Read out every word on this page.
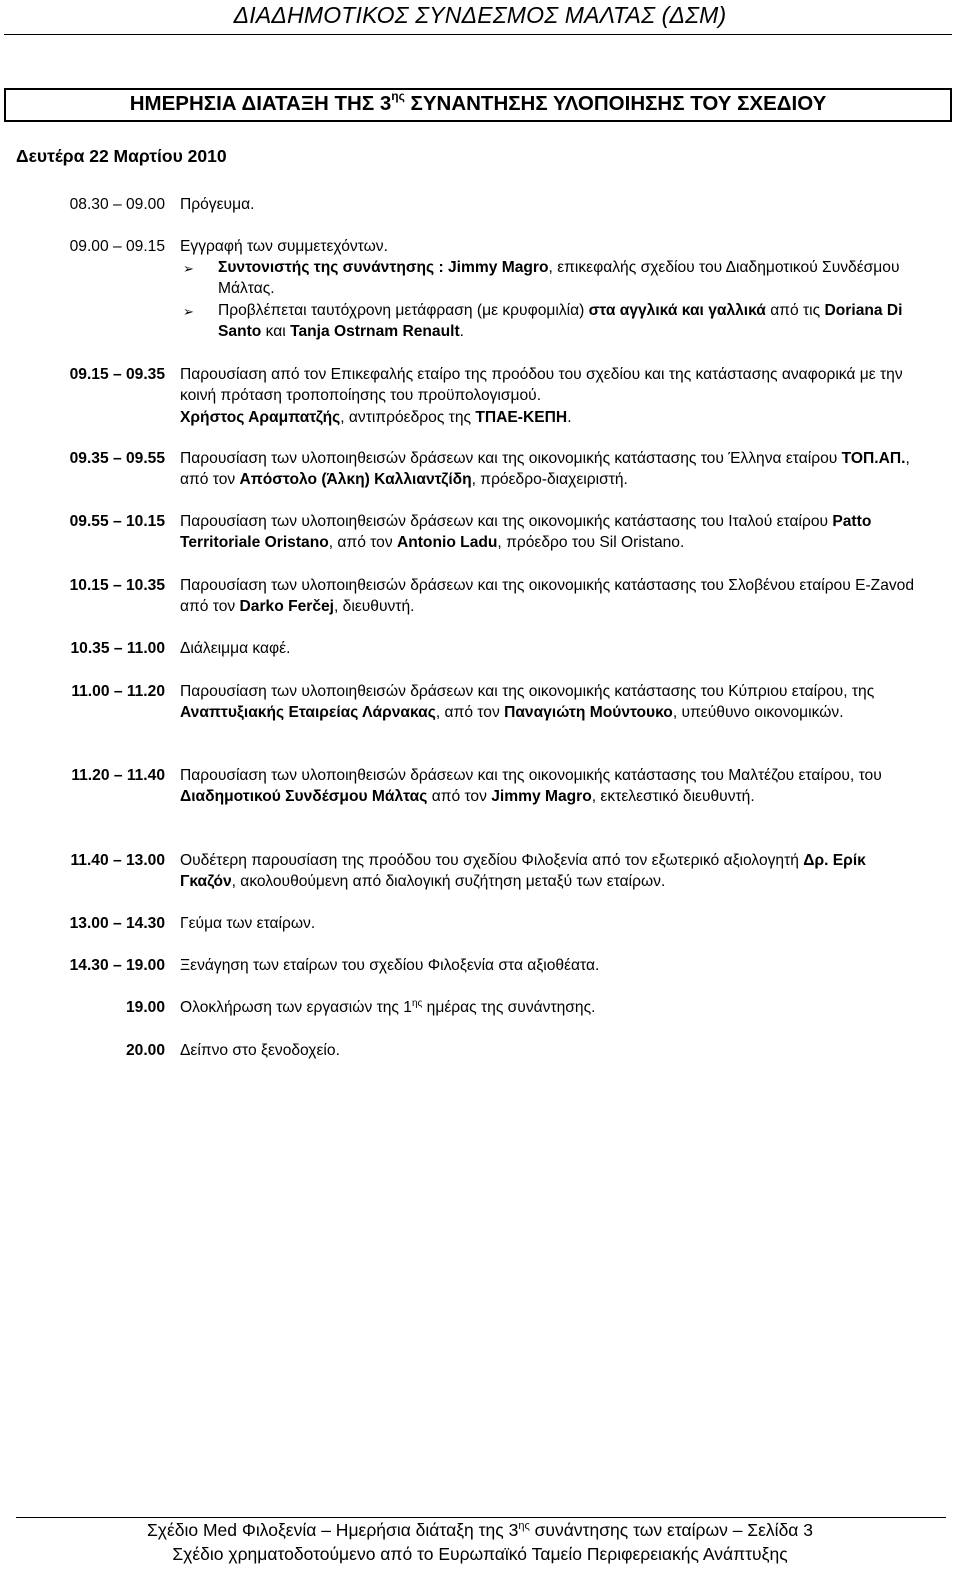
ΔΙΑΔΗΜΟΤΙΚΟΣ ΣΥΝΔΕΣΜΟΣ ΜΑΛΤΑΣ (ΔΣΜ)
ΗΜΕΡΗΣΙΑ ΔΙΑΤΑΞΗ ΤΗΣ $3^{\eta\varsigma}$ ΣΥΝΑΝΤΗΣΗΣ ΥΛΟΠΟΙΗΣΗΣ ΤΟΥ ΣΧΕΔΙΟΥ
Δευτέρα 22 Μαρτίου 2010
08.30 – 09.00 Πρόγευμα.
09.00 – 09.15 Εγγραφή των συμμετεχόντων.
➢ Συντονιστής της συνάντησης : Jimmy Magro, επικεφαλής σχεδίου του Διαδημοτικού Συνδέσμου Μάλτας.
➢ Προβλέπεται ταυτόχρονη μετάφραση (με κρυφομιλία) στα αγγλικά και γαλλικά από τις Doriana Di Santo και Tanja Ostrnam Renault.
09.15 – 09.35 Παρουσίαση από τον Επικεφαλής εταίρο της προόδου του σχεδίου και της κατάστασης αναφορικά με την κοινή πρόταση τροποποίησης του προϋπολογισμού.
Χρήστος Αραμπατζής, αντιπρόεδρος της ΤΠΑΕ-ΚΕΠΗ.
09.35 – 09.55 Παρουσίαση των υλοποιηθεισών δράσεων και της οικονομικής κατάστασης του Έλληνα εταίρου ΤΟΠ.ΑΠ., από τον Απόστολο (Άλκη) Καλλιαντζίδη, πρόεδρο-διαχειριστή.
09.55 – 10.15 Παρουσίαση των υλοποιηθεισών δράσεων και της οικονομικής κατάστασης του Ιταλού εταίρου Patto Territoriale Oristano, από τον Antonio Ladu, πρόεδρο του Sil Oristano.
10.15 – 10.35 Παρουσίαση των υλοποιηθεισών δράσεων και της οικονομικής κατάστασης του Σλοβένου εταίρου E-Zavod από τον Darko Ferčej, διευθυντή.
10.35 – 11.00 Διάλειμμα καφέ.
11.00 – 11.20 Παρουσίαση των υλοποιηθεισών δράσεων και της οικονομικής κατάστασης του Κύπριου εταίρου, της Αναπτυξιακής Εταιρείας Λάρνακας, από τον Παναγιώτη Μούντουκο, υπεύθυνο οικονομικών.
11.20 – 11.40 Παρουσίαση των υλοποιηθεισών δράσεων και της οικονομικής κατάστασης του Μαλτέζου εταίρου, του Διαδημοτικού Συνδέσμου Μάλτας από τον Jimmy Magro, εκτελεστικό διευθυντή.
11.40 – 13.00 Ουδέτερη παρουσίαση της προόδου του σχεδίου Φιλοξενία από τον εξωτερικό αξιολογητή Δρ. Ερίκ Γκαζόν, ακολουθούμενη από διαλογική συζήτηση μεταξύ των εταίρων.
13.00 – 14.30 Γεύμα των εταίρων.
14.30 – 19.00 Ξενάγηση των εταίρων του σχεδίου Φιλοξενία στα αξιοθέατα.
19.00 Ολοκλήρωση των εργασιών της $1^{\eta\varsigma}$ ημέρας της συνάντησης.
20.00 Δείπνο στο ξενοδοχείο.
Σχέδιο Med Φιλοξενία – Ημερήσια διάταξη της $3^{\eta\varsigma}$ συνάντησης των εταίρων – Σελίδα 3
Σχέδιο χρηματοδοτούμενο από το Ευρωπαϊκό Ταμείο Περιφερειακής Ανάπτυξης
